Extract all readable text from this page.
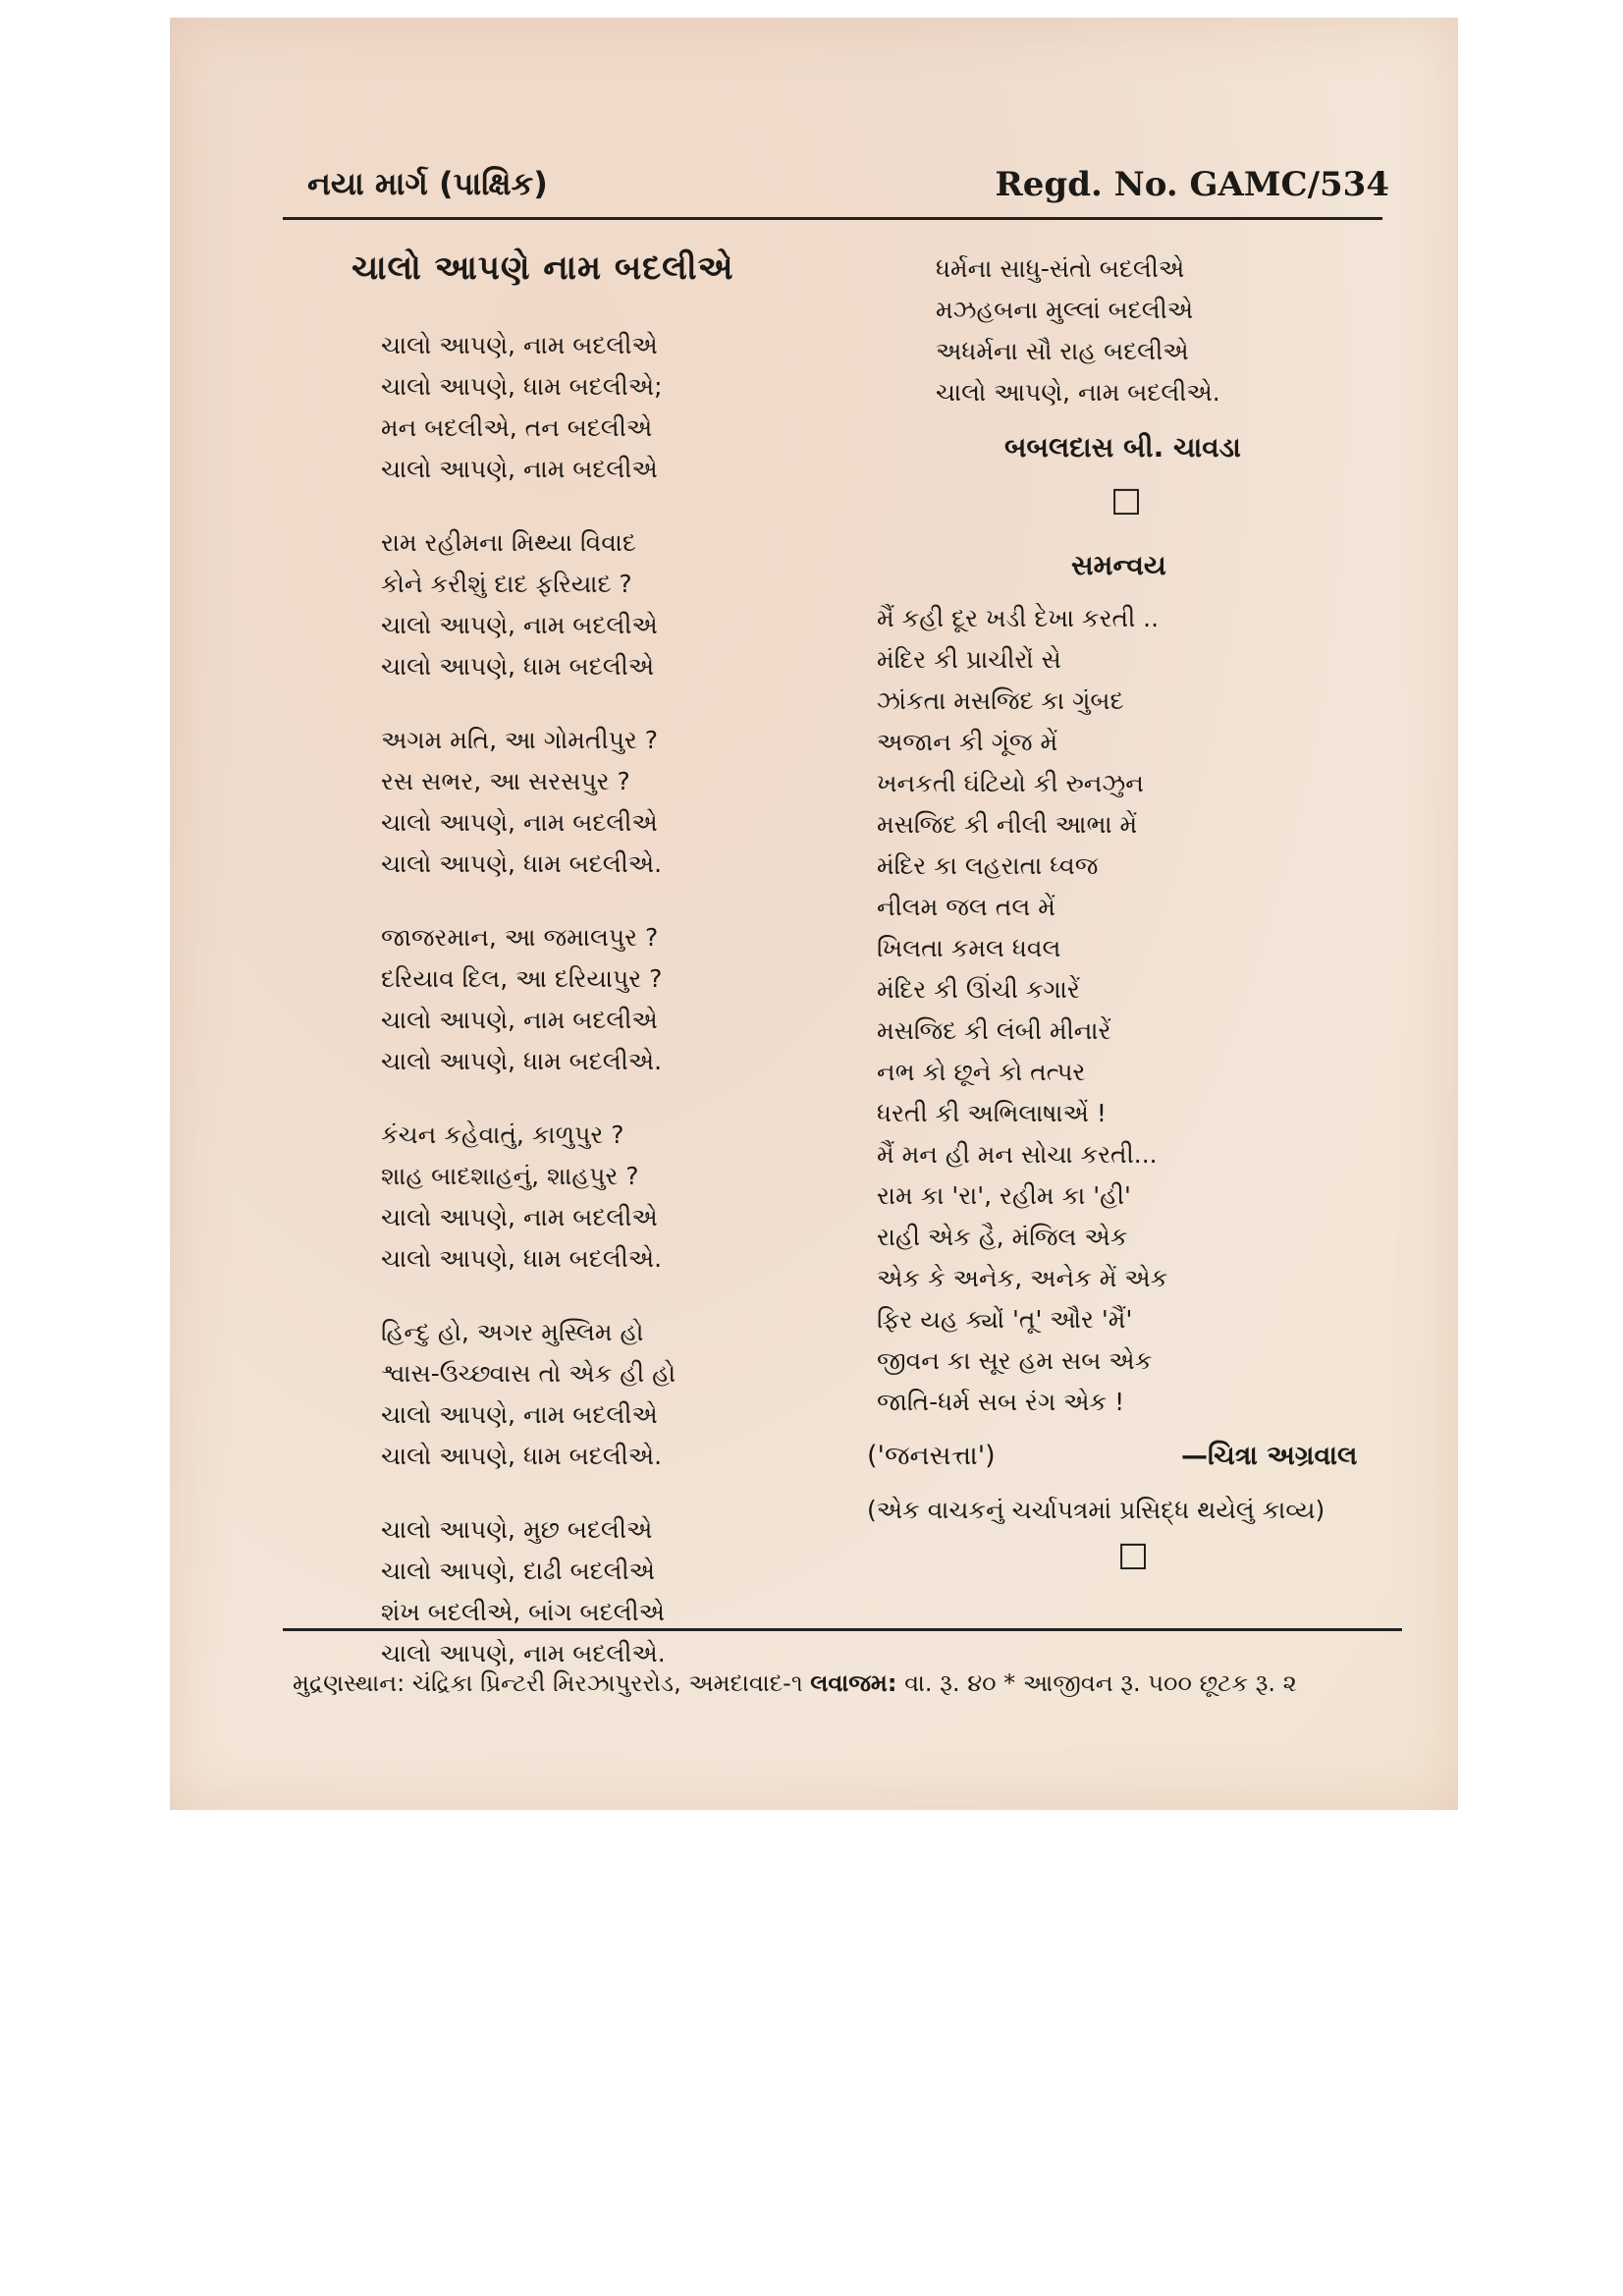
નયા માર્ગ (પાક્ષિક)	Regd. No. GAMC/534
ચાલો આપણે નામ બદલીએ
ચાલો આપણે, નામ બદલીએ
ચાલો આપણે, ધામ બદલીએ;
મન બદલીએ, તન બદલીએ
ચાલો આપણે, નામ બદલીએ
રામ રહીમના મિથ્યા વિવાદ
કોને કરીશું દાદ ફરિયાદ ?
ચાલો આપણે, નામ બદલીએ
ચાલો આપણે, ધામ બદલીએ
અગમ મતિ, આ ગોમતીપુર ?
રસ સભર, આ સરસપુર ?
ચાલો આપણે, નામ બદલીએ
ચાલો આપણે, ધામ બદલીએ.
જાજરમાન, આ જમાલપુર ?
દરિયાવ દિલ, આ દરિયાપુર ?
ચાલો આપણે, નામ બદલીએ
ચાલો આપણે, ધામ બદલીએ.
કંચન કહેવાતું, કાળુપુર ?
શાહ બાદશાહનું, શાહપુર ?
ચાલો આપણે, નામ બદલીએ
ચાલો આપણે, ધામ બદલીએ.
હિન્દુ હો, અગર મુસ્લિમ હો
શ્વાસ-ઉચ્છ્વાસ તો એક હી હો
ચાલો આપણે, નામ બદલીએ
ચાલો આપણે, ધામ બદલીએ.
ચાલો આપણે, મુછ બદલીએ
ચાલો આપણે, દાઢી બદલીએ
શંખ બદલીએ, બાંગ બદલીએ
ચાલો આપણે, નામ બદલીએ.
ધર્મના સાધુ-સંતો બદલીએ
મઝહબના મુલ્લાં બદલીએ
અધર્મના સૌ રાહ બદલીએ
ચાલો આપણે, નામ બદલીએ.
બબલદાસ બી. ચાવડા
☐
સમન્વય
મૈં કહી દૂર ખડી દેખા કરતી ..
મંદિર કી પ્રાચીરોં સે
ઝાંકતા મસજિદ કા ગુંબદ
અજાન કી ગૂંજ મેં
ખનકતી ઘંટિયો કી રુનઝુન
મસજિદ કી નીલી આભા મેં
મંદિર કા લહરાતા ધ્વજ
નીલમ જલ તલ મેં
ખિલતા કમલ ધવલ
મંદિર કી ઊંચી કગારેં
મસજિદ કી લંબી મીનારેં
નભ કો છૂને કો તત્પર
ધરતી કી અભિલાષાએં !
મૈં મન હી મન સોચા કરતી...
રામ કા 'રા', રહીમ કા 'હી'
રાહી એક હૈ, મંજિલ એક
એક કે અનેક, અનેક મેં એક
ફિર યહ ક્યોં 'તૂ' ઔર 'મૈં'
જીવન કા સૂર હમ સબ એક
જાતિ-ધર્મ સબ રંગ એક !
('જનસત્તા')	—ચિત્રા અગ્રવાલ
(એક વાચકનું ચર્ચાપત્રમાં પ્રસિદ્ધ થયેલું કાવ્ય)
☐
મુદ્રણસ્થાન: ચંદ્રિકા પ્રિન્ટરી મિરઝાપુરરોડ, અમદાવાદ-૧ લવાજમ: વા. રૂ. ૪૦ * આજીવન રૂ. ૫૦૦ છૂટક રૂ. ૨
